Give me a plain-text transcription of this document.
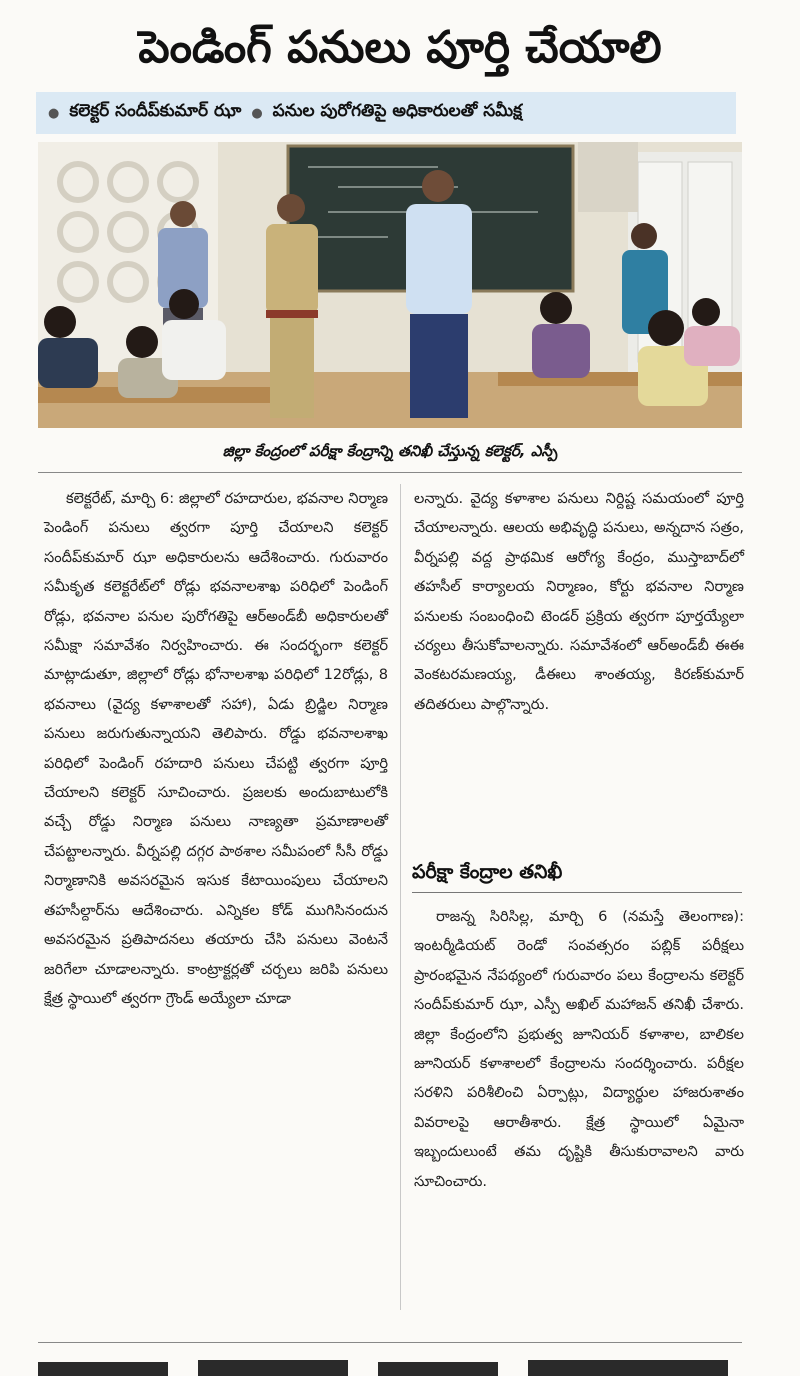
పెండింగ్‌ పనులు పూర్తి చేయాలి
● కలెక్టర్‌ సందీప్‌కుమార్‌ ఝా ● పనుల పురోగతిపై అధికారులతో సమీక్ష
జిల్లా కేంద్రంలో పరీక్షా కేంద్రాన్ని తనిఖీ చేస్తున్న కలెక్టర్‌, ఎస్పీ

కలెక్టరేట్‌, మార్చి 6: జిల్లాలో రహదారుల, భవనాల నిర్మాణ పెండింగ్‌ పనులు త్వరగా పూర్తి చేయాలని కలెక్టర్‌ సందీప్‌కుమార్‌ ఝా అధికారులను ఆదేశించారు. గురువారం సమీకృత కలెక్టరేట్‌లో రోడ్లు భవనాలశాఖ పరిధిలో పెండింగ్‌ రోడ్లు, భవనాల పనుల పురోగతిపై ఆర్‌అండ్‌బీ అధికారులతో సమీక్షా సమావేశం నిర్వహించారు. ఈ సందర్భంగా కలెక్టర్‌ మాట్లాడుతూ, జిల్లాలో రోడ్లు భోనాలశాఖ పరిధిలో 12రోడ్లు, 8 భవనాలు (వైద్య కళాశాలతో సహా), ఏడు బ్రిడ్జిల నిర్మాణ పనులు జరుగుతున్నాయని తెలిపారు. రోడ్డు భవనాలశాఖ పరిధిలో పెండింగ్‌ రహదారి పనులు చేపట్టి త్వరగా పూర్తి చేయాలని కలెక్టర్‌ సూచించారు. ప్రజలకు అందుబాటులోకి వచ్చే రోడ్డు నిర్మాణ పనులు నాణ్యతా ప్రమాణాలతో చేపట్టాలన్నారు. వీర్నపల్లి దగ్గర పాఠశాల సమీపంలో సీసీ రోడ్డు నిర్మాణానికి అవసరమైన ఇసుక కేటాయింపులు చేయాలని తహసీల్దార్‌ను ఆదేశించారు. ఎన్నికల కోడ్‌ ముగిసినందున అవసరమైన ప్రతిపాదనలు తయారు చేసి పనులు వెంటనే జరిగేలా చూడాలన్నారు. కాంట్రాక్టర్లతో చర్చలు జరిపి పనులు క్షేత్ర స్థాయిలో త్వరగా గ్రౌండ్‌ అయ్యేలా చూడా

లన్నారు. వైద్య కళాశాల పనులు నిర్దిష్ట సమయంలో పూర్తి చేయాలన్నారు. ఆలయ అభివృద్ధి పనులు, అన్నదాన సత్రం, వీర్నపల్లి వద్ద ప్రాథమిక ఆరోగ్య కేంద్రం, ముస్తాబాద్‌లో తహసీల్‌ కార్యాలయ నిర్మాణం, కోర్టు భవనాల నిర్మాణ పనులకు సంబంధించి టెండర్‌ ప్రక్రియ త్వరగా పూర్తయ్యేలా చర్యలు తీసుకోవాలన్నారు. సమావేశంలో ఆర్‌అండ్‌బీ ఈఈ వెంకటరమణయ్య, డీఈలు శాంతయ్య, కిరణ్‌కుమార్‌ తదితరులు పాల్గొన్నారు.

పరీక్షా కేంద్రాల తనిఖీ

రాజన్న సిరిసిల్ల, మార్చి 6 (నమస్తే తెలంగాణ): ఇంటర్మీడియట్‌ రెండో సంవత్సరం పబ్లిక్‌ పరీక్షలు ప్రారంభమైన నేపథ్యంలో గురువారం పలు కేంద్రాలను కలెక్టర్‌ సందీప్‌కుమార్‌ ఝా, ఎస్పీ అఖిల్‌ మహాజన్‌ తనిఖీ చేశారు. జిల్లా కేంద్రంలోని ప్రభుత్వ జూనియర్‌ కళాశాల, బాలికల జూనియర్‌ కళాశాలలో కేంద్రాలను సందర్శించారు. పరీక్షల సరళిని పరిశీలించి ఏర్పాట్లు, విద్యార్థుల హాజరుశాతం వివరాలపై ఆరాతీశారు. క్షేత్ర స్థాయిలో ఏమైనా ఇబ్బందులుంటే తమ దృష్టికి తీసుకురావాలని వారు సూచించారు.
